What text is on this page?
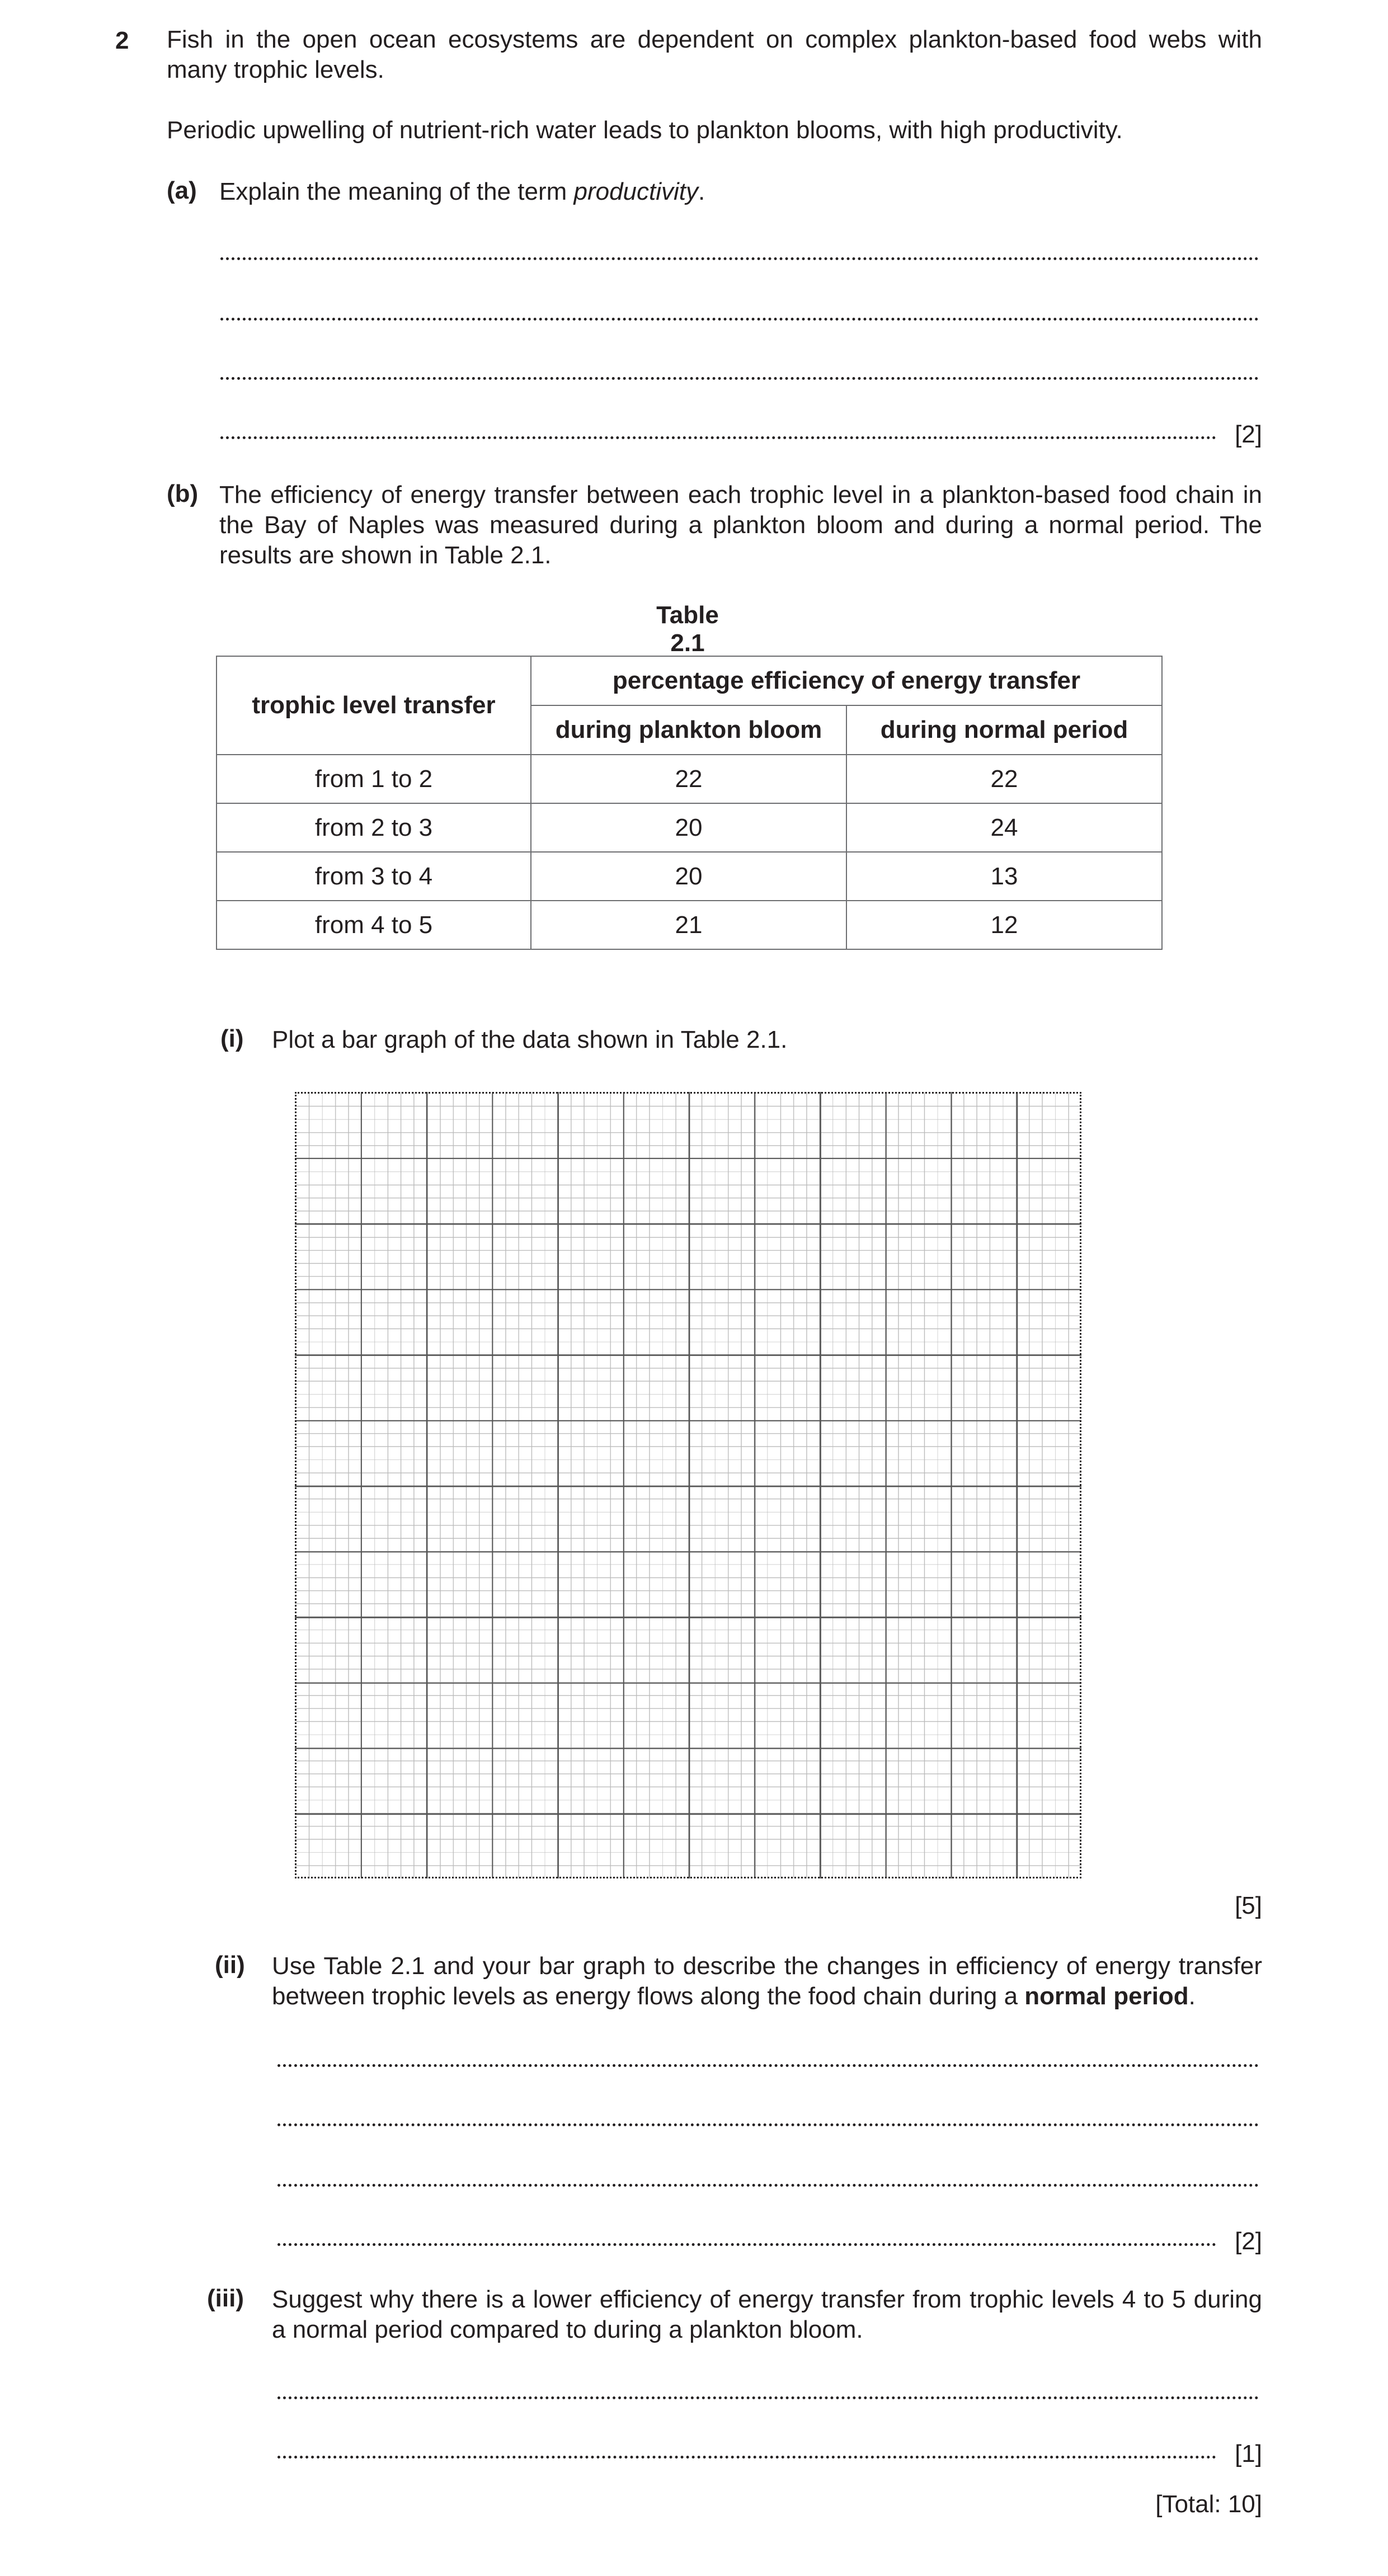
2 Fish in the open ocean ecosystems are dependent on complex plankton-based food webs with many trophic levels.
Periodic upwelling of nutrient-rich water leads to plankton blooms, with high productivity.
(a) Explain the meaning of the term productivity.
[2]
(b) The efficiency of energy transfer between each trophic level in a plankton-based food chain in the Bay of Naples was measured during a plankton bloom and during a normal period. The results are shown in Table 2.1.
Table 2.1
trophic level transfer	percentage efficiency of energy transfer	
	during plankton bloom	during normal period
from 1 to 2	22	22
from 2 to 3	20	24
from 3 to 4	20	13
from 4 to 5	21	12
(i) Plot a bar graph of the data shown in Table 2.1.
[5]
(ii) Use Table 2.1 and your bar graph to describe the changes in efficiency of energy transfer between trophic levels as energy flows along the food chain during a normal period.
[2]
(iii) Suggest why there is a lower efficiency of energy transfer from trophic levels 4 to 5 during a normal period compared to during a plankton bloom.
[1]
[Total: 10]
